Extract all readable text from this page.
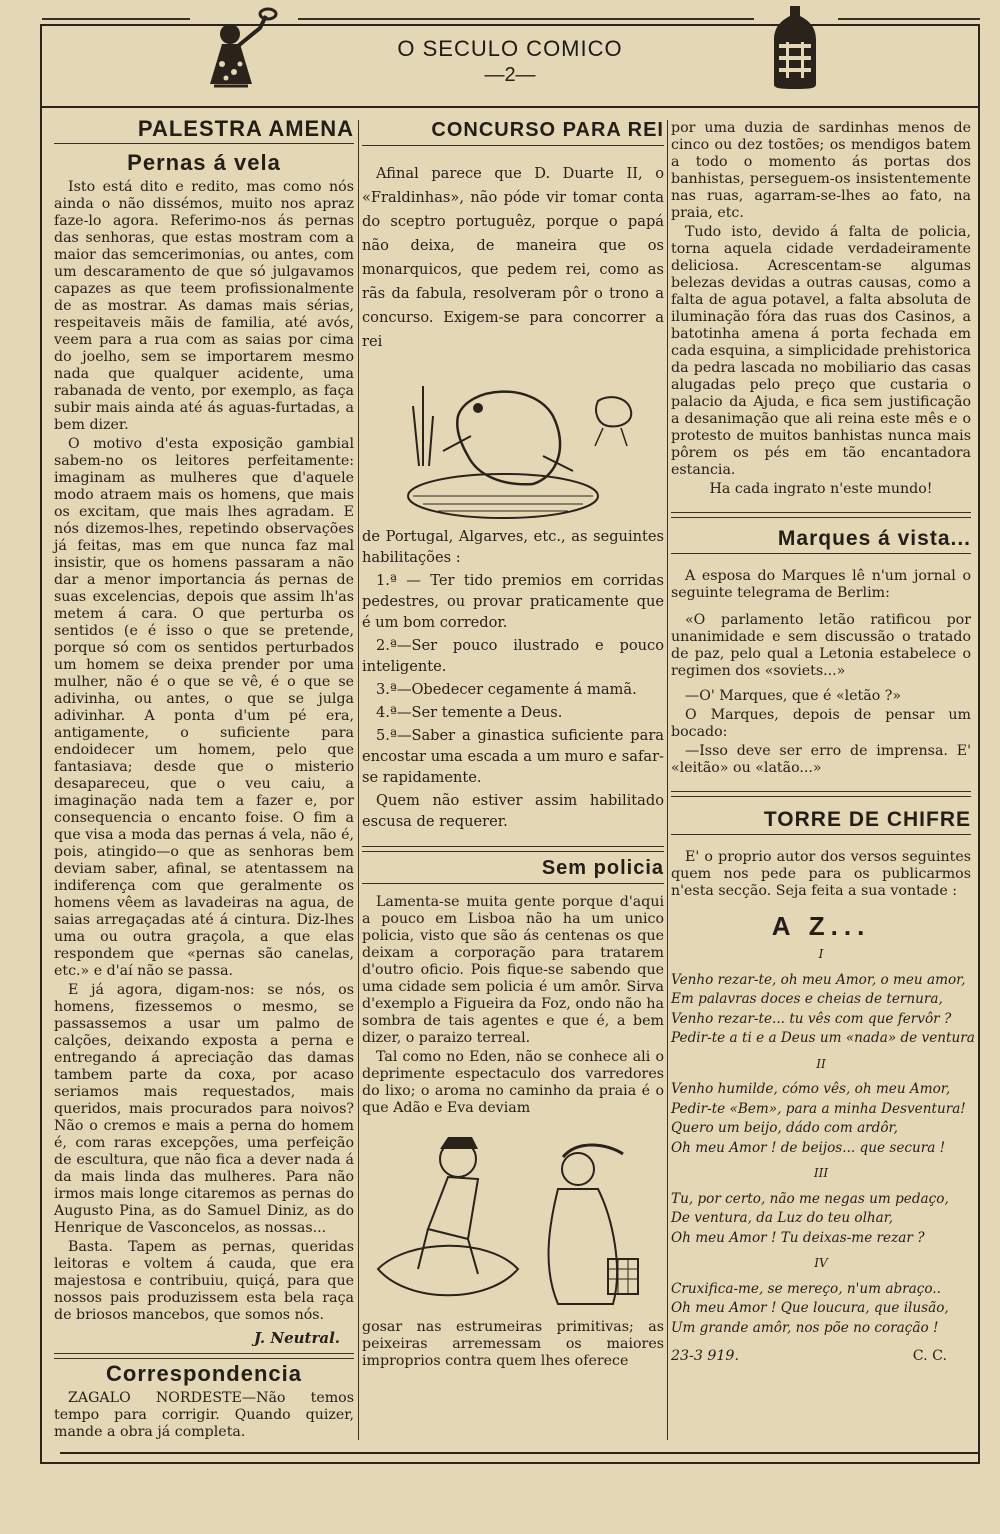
O SECULO COMICO
—2—
PALESTRA AMENA
Pernas á vela

Isto está dito e redito, mas como nós ainda o não dissémos, muito nos apraz faze-lo agora. Referimo-nos ás pernas das senhoras, que estas mostram com a maior das semcerimonias, ou antes, com um descaramento de que só julgavamos capazes as que teem profissionalmente de as mostrar. As damas mais sérias, respeitaveis mãis de familia, até avós, veem para a rua com as saias por cima do joelho, sem se importarem mesmo nada que qualquer acidente, uma rabanada de vento, por exemplo, as faça subir mais ainda até ás aguas-furtadas, a bem dizer.

O motivo d'esta exposição gambial sabem-no os leitores perfeitamente: imaginam as mulheres que d'aquele modo atraem mais os homens, que mais os excitam, que mais lhes agradam. E nós dizemos-lhes, repetindo observações já feitas, mas em que nunca faz mal insistir, que os homens passaram a não dar a menor importancia ás pernas de suas excelencias, depois que assim lh'as metem á cara. O que perturba os sentidos (e é isso o que se pretende, porque só com os sentidos perturbados um homem se deixa prender por uma mulher, não é o que se vê, é o que se adivinha, ou antes, o que se julga adivinhar. A ponta d'um pé era, antigamente, o suficiente para endoidecer um homem, pelo que fantasiava; desde que o misterio desapareceu, que o veu caiu, a imaginação nada tem a fazer e, por consequencia o encanto foise. O fim a que visa a moda das pernas á vela, não é, pois, atingido—o que as senhoras bem deviam saber, afinal, se atentassem na indiferença com que geralmente os homens vêem as lavadeiras na agua, de saias arregaçadas até á cintura. Diz-lhes uma ou outra graçola, a que elas respondem que «pernas são canelas, etc.» e d'aí não se passa.

E já agora, digam-nos: se nós, os homens, fizessemos o mesmo, se passassemos a usar um palmo de calções, deixando exposta a perna e entregando á apreciação das damas tambem parte da coxa, por acaso seriamos mais requestados, mais queridos, mais procurados para noivos? Não o cremos e mais a perna do homem é, com raras excepções, uma perfeição de escultura, que não fica a dever nada á da mais linda das mulheres. Para não irmos mais longe citaremos as pernas do Augusto Pina, as do Samuel Diniz, as do Henrique de Vasconcelos, as nossas...

Basta. Tapem as pernas, queridas leitoras e voltem á cauda, que era majestosa e contribuiu, quiçá, para que nossos pais produzissem esta bela raça de briosos mancebos, que somos nós.

J. Neutral.
Correspondencia

ZAGALO NORDESTE—Não temos tempo para corrigir. Quando quizer, mande a obra já completa.

CONCURSO PARA REI

Afinal parece que D. Duarte II, o «Fraldinhas», não póde vir tomar conta do sceptro portuguêz, porque o papá não deixa, de maneira que os monarquicos, que pedem rei, como as rãs da fabula, resolveram pôr o trono a concurso. Exigem-se para concorrer a rei

de Portugal, Algarves, etc., as seguintes habilitações :

1.ª — Ter tido premios em corridas pedestres, ou provar praticamente que é um bom corredor.

2.ª—Ser pouco ilustrado e pouco inteligente.

3.ª—Obedecer cegamente á mamã.

4.ª—Ser temente a Deus.

5.ª—Saber a ginastica suficiente para encostar uma escada a um muro e safar-se rapidamente.

Quem não estiver assim habilitado escusa de requerer.

Sem policia

Lamenta-se muita gente porque d'aqui a pouco em Lisboa não ha um unico policia, visto que são ás centenas os que deixam a corporação para tratarem d'outro oficio. Pois fique-se sabendo que uma cidade sem policia é um amôr. Sirva d'exemplo a Figueira da Foz, ondo não ha sombra de tais agentes e que é, a bem dizer, o paraizo terreal.

Tal como no Eden, não se conhece ali o deprimente espectaculo dos varredores do lixo; o aroma no caminho da praia é o que Adão e Eva deviam

gosar nas estrumeiras primitivas; as peixeiras arremessam os maiores improprios contra quem lhes oferece

por uma duzia de sardinhas menos de cinco ou dez tostões; os mendigos batem a todo o momento ás portas dos banhistas, perseguem-os insistentemente nas ruas, agarram-se-lhes ao fato, na praia, etc.

Tudo isto, devido á falta de policia, torna aquela cidade verdadeiramente deliciosa. Acrescentam-se algumas belezas devidas a outras causas, como a falta de agua potavel, a falta absoluta de iluminação fóra das ruas dos Casinos, a batotinha amena á porta fechada em cada esquina, a simplicidade prehistorica da pedra lascada no mobiliario das casas alugadas pelo preço que custaria o palacio da Ajuda, e fica sem justificação a desanimação que ali reina este mês e o protesto de muitos banhistas nunca mais pôrem os pés em tão encantadora estancia.

Ha cada ingrato n'este mundo!

Marques á vista...

A esposa do Marques lê n'um jornal o seguinte telegrama de Berlim:

«O parlamento letão ratificou por unanimidade e sem discussão o tratado de paz, pelo qual a Letonia estabelece o regimen dos «soviets...»

—O' Marques, que é «letão ?»

O Marques, depois de pensar um bocado:

—Isso deve ser erro de imprensa. E' «leitão» ou «latão...»

TORRE DE CHIFRE

E' o proprio autor dos versos seguintes quem nos pede para os publicarmos n'esta secção. Seja feita a sua vontade :

A Z...
I
Venho rezar-te, oh meu Amor, o meu amor,
Em palavras doces e cheias de ternura,
Venho rezar-te... tu vês com que fervôr ?
Pedir-te a ti e a Deus um «nada» de ventura
II
Venho humilde, cómo vês, oh meu Amor,
Pedir-te «Bem», para a minha Desventura!
Quero um beijo, dádo com ardôr,
Oh meu Amor ! de beijos... que secura !
III
Tu, por certo, não me negas um pedaço,
De ventura, da Luz do teu olhar,
Oh meu Amor ! Tu deixas-me rezar ?
IV
Cruxifica-me, se mereço, n'um abraço..
Oh meu Amor ! Que loucura, que ilusão,
Um grande amôr, nos põe no coração !
23-3 919.	C. C.
